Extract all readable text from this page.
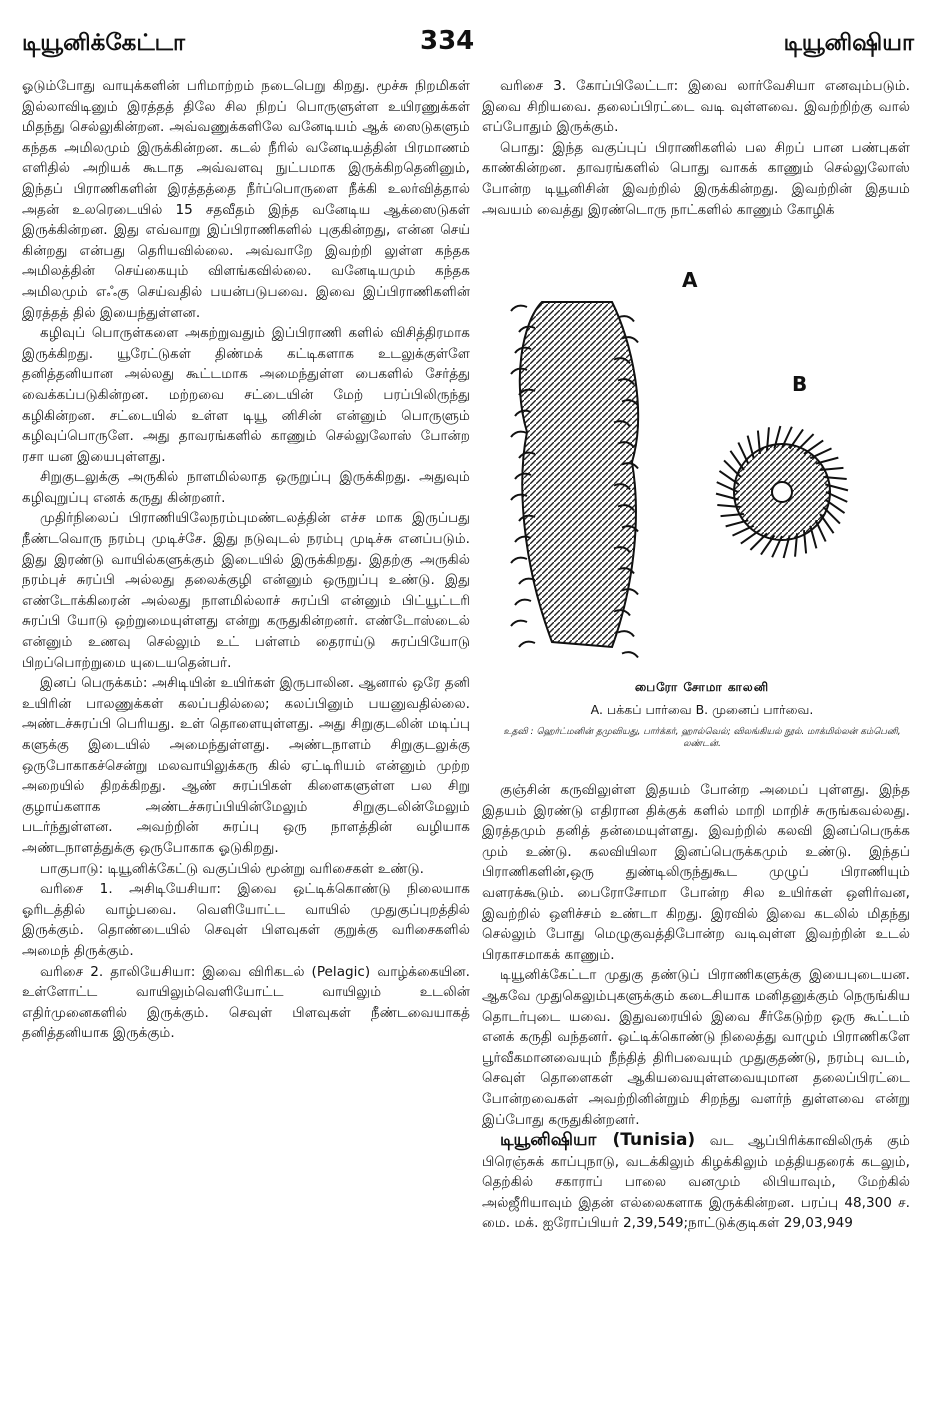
டியூனிக்கேட்டா	334	டியூனிஷியா

ஓடும்போது வாயுக்களின் பரிமாற்றம் நடைபெறு கிறது. மூச்சு நிறமிகள் இல்லாவிடினும் இரத்தத் திலே சில நிறப் பொருளுள்ள உயிரணுக்கள் மிதந்து செல்லுகின்றன. அவ்வணுக்களிலே வனேடியம் ஆக் ஸைடுகளும் கந்தக அமிலமும் இருக்கின்றன. கடல் நீரில் வனேடியத்தின் பிரமாணம் எளிதில் அறியக் கூடாத அவ்வளவு நுட்பமாக இருக்கிறதெனினும், இந்தப் பிராணிகளின் இரத்தத்தை நீர்ப்பொருளை நீக்கி உலர்வித்தால் அதன் உலரெடையில் 15 சதவீதம் இந்த வனேடிய ஆக்ஸைடுகள் இருக்கின்றன. இது எவ்வாறு இப்பிராணிகளில் புகுகின்றது, என்ன செய் கின்றது என்பது தெரியவில்லை. அவ்வாறே இவற்றி லுள்ள கந்தக அமிலத்தின் செய்கையும் விளங்கவில்லை. வனேடியமும் கந்தக அமிலமும் எஃகு செய்வதில் பயன்படுபவை. இவை இப்பிராணிகளின் இரத்தத் தில் இயைந்துள்ளன.

கழிவுப் பொருள்களை அகற்றுவதும் இப்பிராணி களில் விசித்திரமாக இருக்கிறது. யூரேட்டுகள் திண்மக் கட்டிகளாக உடலுக்குள்ளே தனித்தனியான அல்லது கூட்டமாக அமைந்துள்ள பைகளில் சேர்த்து வைக்கப்படுகின்றன. மற்றவை சட்டையின் மேற் பரப்பிலிருந்து கழிகின்றன. சட்டையில் உள்ள டியூ னிசின் என்னும் பொருளும் கழிவுப்பொருளே. அது தாவரங்களில் காணும் செல்லுலோஸ் போன்ற ரசா யன இயைபுள்ளது.

சிறுகுடலுக்கு அருகில் நாளமில்லாத ஒருறுப்பு இருக்கிறது. அதுவும் கழிவுறுப்பு எனக் கருது கின்றனர்.

முதிர்நிலைப் பிராணியிலேநரம்புமண்டலத்தின் எச்ச மாக இருப்பது நீண்டவொரு நரம்பு முடிச்சே. இது நடுவுடல் நரம்பு முடிச்சு எனப்படும். இது இரண்டு வாயில்களுக்கும் இடையில் இருக்கிறது. இதற்கு அருகில் நரம்புச் சுரப்பி அல்லது தலைக்குழி என்னும் ஒருறுப்பு உண்டு. இது எண்டோக்கிரைன் அல்லது நாளமில்லாச் சுரப்பி என்னும் பிட்யூட்டரி சுரப்பி யோடு ஒற்றுமையுள்ளது என்று கருதுகின்றனர். எண்டோஸ்டைல் என்னும் உணவு செல்லும் உட் பள்ளம் தைராய்டு சுரப்பியோடு பிறப்பொற்றுமை யுடையதென்பர்.

இனப் பெருக்கம்: அசிடியின் உயிர்கள் இருபாலின. ஆனால் ஒரே தனி உயிரின் பாலணுக்கள் கலப்பதில்லை; கலப்பினும் பயனுவதில்லை. அண்டச்சுரப்பி பெரியது. உள் தொளையுள்ளது. அது சிறுகுடலின் மடிப்பு களுக்கு இடையில் அமைந்துள்ளது. அண்டநாளம் சிறுகுடலுக்கு ஒருபோகாகச்சென்று மலவாயிலுக்கரு கில் ஏட்டிரியம் என்னும் முற்ற அறையில் திறக்கிறது. ஆண் சுரப்பிகள் கிளைகளுள்ள பல சிறு குழாய்களாக அண்டச்சுரப்பியின்மேலும் சிறுகுடலின்மேலும் படர்ந்துள்ளன. அவற்றின் சுரப்பு ஒரு நாளத்தின் வழியாக அண்டநாளத்துக்கு ஒருபோகாக ஓடுகிறது.

பாகுபாடு: டியூனிக்கேட்டு வகுப்பில் மூன்று வரிசைகள் உண்டு.

வரிசை 1. அசிடியேசியா: இவை ஒட்டிக்கொண்டு நிலையாக ஓரிடத்தில் வாழ்பவை. வெளியோட்ட வாயில் முதுகுப்புறத்தில் இருக்கும். தொண்டையில் செவுள் பிளவுகள் குறுக்கு வரிசைகளில் அமைந் திருக்கும்.

வரிசை 2. தாலியேசியா: இவை விரிகடல் (Pelagic) வாழ்க்கையின. உள்ளோட்ட வாயிலும்வெளியோட்ட வாயிலும் உடலின் எதிர்முனைகளில் இருக்கும். செவுள் பிளவுகள் நீண்டவையாகத் தனித்தனியாக இருக்கும்.

வரிசை 3. கோப்பிலேட்டா: இவை லார்வேசியா எனவும்படும். இவை சிறியவை. தலைப்பிரட்டை வடி வுள்ளவை. இவற்றிற்கு வால் எப்போதும் இருக்கும்.

பொது: இந்த வகுப்புப் பிராணிகளில் பல சிறப் பான பண்புகள் காண்கின்றன. தாவரங்களில் பொது வாகக் காணும் செல்லுலோஸ் போன்ற டியூனிசின் இவற்றில் இருக்கின்றது. இவற்றின் இதயம் அவயம் வைத்து இரண்டொரு நாட்களில் காணும் கோழிக்

A
B
பைரோ சோமா காலனி
A. பக்கப் பார்வை B. முனைப் பார்வை.
உதவி : ஹெர்ட்மனின் தமுவியது, பார்க்கர், ஹால்வெல்; விலங்கியல் நூல். மாக்மில்லன் கம்பெனி, லண்டன்.

குஞ்சின் கருவிலுள்ள இதயம் போன்ற அமைப் புள்ளது. இந்த இதயம் இரண்டு எதிரான திக்குக் களில் மாறி மாறிச் சுருங்கவல்லது. இரத்தமும் தனித் தன்மையுள்ளது. இவற்றில் கலவி இனப்பெருக்க மும் உண்டு. கலவியிலா இனப்பெருக்கமும் உண்டு. இந்தப் பிராணிகளின்,ஒரு துண்டிலிருந்துகூட முழுப் பிராணியும் வளரக்கூடும். பைரோசோமா போன்ற சில உயிர்கள் ஒளிர்வன, இவற்றில் ஒளிச்சம் உண்டா கிறது. இரவில் இவை கடலில் மிதந்து செல்லும் போது மெழுகுவத்திபோன்ற வடிவுள்ள இவற்றின் உடல் பிரகாசமாகக் காணும்.

டியூனிக்கேட்டா முதுகு தண்டுப் பிராணிகளுக்கு இயைபுடையன. ஆகவே முதுகெலும்புகளுக்கும் கடைசியாக மனிதனுக்கும் நெருங்கிய தொடர்புடை யவை. இதுவரையில் இவை சீர்கேடுற்ற ஒரு கூட்டம் எனக் கருதி வந்தனர். ஒட்டிக்கொண்டு நிலைத்து வாழும் பிராணிகளே பூர்வீகமானவையும் நீந்தித் திரிபவையும் முதுகுதண்டு, நரம்பு வடம், செவுள் தொளைகள் ஆகியவையுள்ளவையுமான தலைப்பிரட்டை போன்றவைகள் அவற்றினின்றும் சிறந்து வளர்ந் துள்ளவை என்று இப்போது கருதுகின்றனர்.

டியூனிஷியா (Tunisia) வட ஆப்பிரிக்காவிலிருக் கும் பிரெஞ்சுக் காப்புநாடு, வடக்கிலும் கிழக்கிலும் மத்தியதரைக் கடலும், தெற்கில் சகாராப் பாலை வனமும் லிபியாவும், மேற்கில் அல்ஜீரியாவும் இதன் எல்லைகளாக இருக்கின்றன. பரப்பு 48,300 ச. மை. மக். ஐரோப்பியர் 2,39,549;நாட்டுக்குடிகள் 29,03,949
